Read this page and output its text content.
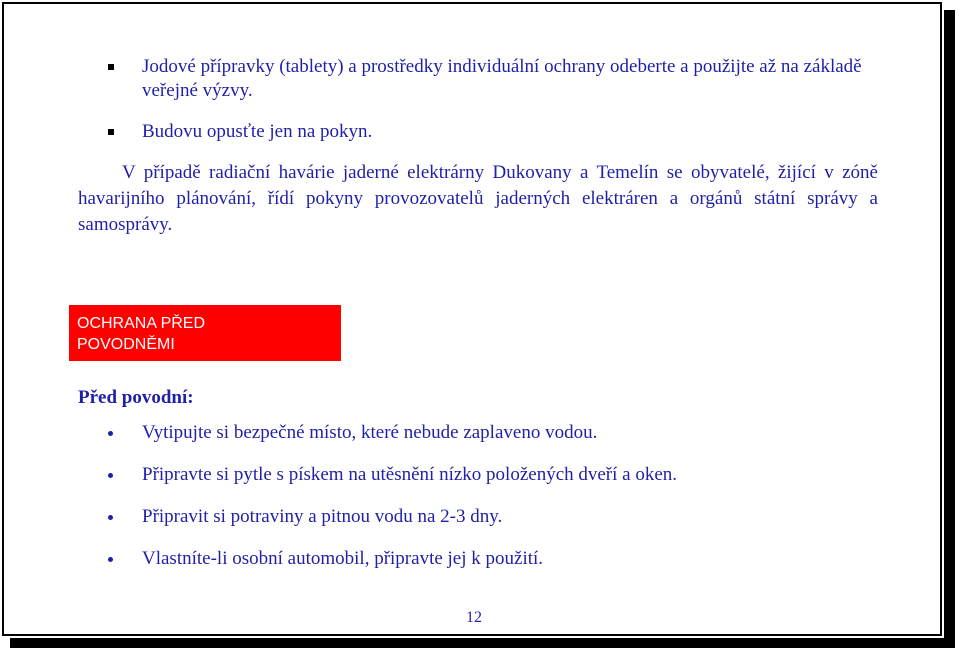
Jodové přípravky (tablety) a prostředky individuální ochrany odeberte a použijte až na základě veřejné výzvy.
Budovu opusťte jen na pokyn.
V případě radiační havárie jaderné elektrárny Dukovany a Temelín se obyvatelé, žijící v zóně havarijního plánování, řídí pokyny provozovatelů jaderných elektráren a orgánů státní správy a samosprávy.
OCHRANA PŘED
POVODNĚMI
Před povodní:
Vytipujte si bezpečné místo, které nebude zaplaveno vodou.
Připravte si pytle s pískem na utěsnění nízko položených dveří a oken.
Připravit si potraviny a pitnou vodu na 2-3 dny.
Vlastníte-li osobní automobil, připravte jej k použití.
12
